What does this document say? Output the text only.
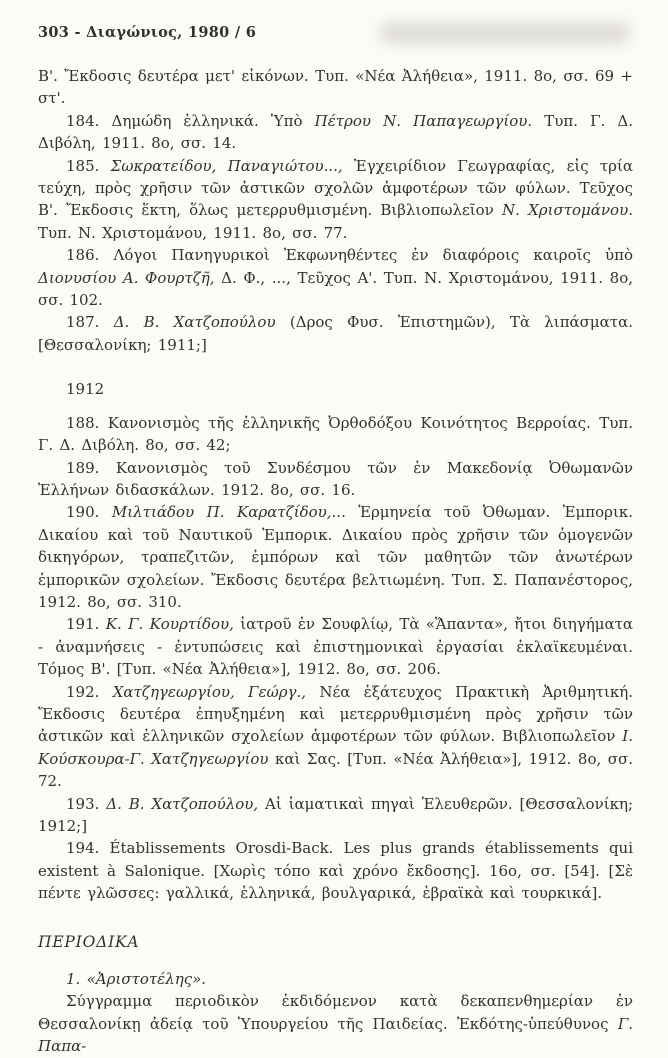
303 - Διαγώνιος, 1980 / 6

Β'. Ἔκδοσις δευτέρα μετ' εἰκόνων. Τυπ. «Νέα Ἀλήθεια», 1911. 8ο, σσ. 69 + στ'.

184. Δημώδη ἑλληνικά. Ὑπὸ Πέτρου Ν. Παπαγεωργίου. Τυπ. Γ. Δ. Διβόλη, 1911. 8ο, σσ. 14.

185. Σωκρατείδου, Παναγιώτου..., Ἐγχειρίδιον Γεωγραφίας, εἰς τρία τεύχη, πρὸς χρῆσιν τῶν ἀστικῶν σχολῶν ἀμφοτέρων τῶν φύλων. Τεῦχος Β'. Ἔκδοσις ἕκτη, ὅλως μετερρυθμισμένη. Βιβλιοπωλεῖον Ν. Χριστομάνου. Τυπ. Ν. Χριστομάνου, 1911. 8ο, σσ. 77.

186. Λόγοι Πανηγυρικοὶ Ἐκφωνηθέντες ἐν διαφόροις καιροῖς ὑπὸ Διονυσίου Α. Φουρτζῆ, Δ. Φ., ..., Τεῦχος Α'. Τυπ. Ν. Χριστομάνου, 1911. 8ο, σσ. 102.

187. Δ. Β. Χατζοπούλου (Δρος Φυσ. Ἐπιστημῶν), Τὰ λιπάσματα. [Θεσσαλονίκη; 1911;]

1912

188. Κανονισμὸς τῆς ἑλληνικῆς Ὀρθοδόξου Κοινότητος Βερροίας. Τυπ. Γ. Δ. Διβόλη. 8ο, σσ. 42;

189. Κανονισμὸς τοῦ Συνδέσμου τῶν ἐν Μακεδονίᾳ Ὀθωμανῶν Ἑλλήνων διδασκάλων. 1912. 8ο, σσ. 16.

190. Μιλτιάδου Π. Καρατζίδου,... Ἑρμηνεία τοῦ Ὀθωμαν. Ἐμπορικ. Δικαίου καὶ τοῦ Ναυτικοῦ Ἐμπορικ. Δικαίου πρὸς χρῆσιν τῶν ὁμογενῶν δικηγόρων, τραπεζιτῶν, ἐμπόρων καὶ τῶν μαθητῶν τῶν ἀνωτέρων ἐμπορικῶν σχολείων. Ἔκδοσις δευτέρα βελτιωμένη. Τυπ. Σ. Παπανέστορος, 1912. 8ο, σσ. 310.

191. Κ. Γ. Κουρτίδου, ἰατροῦ ἐν Σουφλίῳ, Τὰ «Ἅπαντα», ἤτοι διηγήματα - ἀναμνήσεις - ἐντυπώσεις καὶ ἐπιστημονικαὶ ἐργασίαι ἐκλαϊκευμέναι. Τόμος Β'. [Τυπ. «Νέα Ἀλήθεια»], 1912. 8ο, σσ. 206.

192. Χατζηγεωργίου, Γεώργ., Νέα ἑξάτευχος Πρακτικὴ Ἀριθμητική. Ἔκδοσις δευτέρα ἐπηυξημένη καὶ μετερρυθμισμένη πρὸς χρῆσιν τῶν ἀστικῶν καὶ ἑλληνικῶν σχολείων ἀμφοτέρων τῶν φύλων. Βιβλιοπωλεῖον Ι. Κούσκουρα-Γ. Χατζηγεωργίου καὶ Σας. [Τυπ. «Νέα Ἀλήθεια»], 1912. 8ο, σσ. 72.

193. Δ. Β. Χατζοπούλου, Αἱ ἰαματικαὶ πηγαὶ Ἐλευθερῶν. [Θεσσαλονίκη; 1912;]

194. Établissements Orosdi-Back. Les plus grands établissements qui existent à Salonique. [Χωρὶς τόπο καὶ χρόνο ἔκδοσης]. 16ο, σσ. [54]. [Σὲ πέντε γλῶσσες: γαλλικά, ἑλληνικά, βουλγαρικά, ἑβραϊκὰ καὶ τουρκικά].

ΠΕΡΙΟΔΙΚΑ

1. «Ἀριστοτέλης».

Σύγγραμμα περιοδικὸν ἐκδιδόμενον κατὰ δεκαπενθημερίαν ἐν Θεσσαλονίκῃ ἀδείᾳ τοῦ Ὑπουργείου τῆς Παιδείας. Ἐκδότης-ὑπεύθυνος Γ. Παπα-
